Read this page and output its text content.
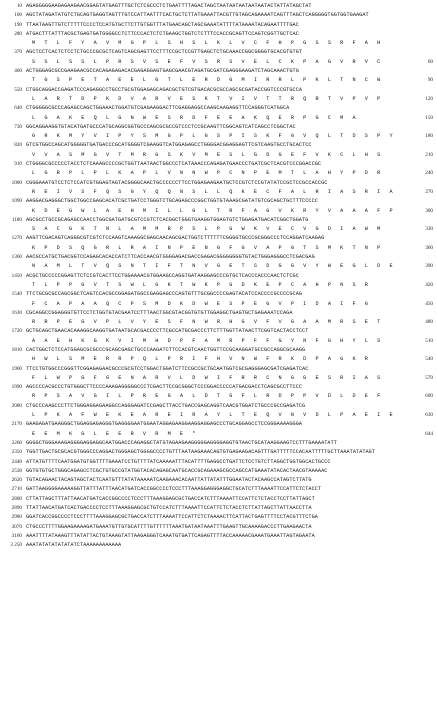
10 AGAGGGGGAAGAGAAGAACGGAGTATGAGTTTGCTCTCGCCCTCTGAATTTTAGACTAGCTAATAATAATAATAATACTATTATAGCTAT
100 AGCTATAGATATGTCTGCAGTGAGGTAGTTTGTCCATTAATTTCACTGCTCTTATGAAATTACGTTGTAGCAGAAAATCAGTTTAGCTCAGGGGGTGGTGGTGAAGAT
190 TTAATAAGTTGTCTTTTTCCCCTCCATGTGCTTCTTGTGGTTTATGAACAGCTAGCGAAATATTTTATAAAATACAGAATTTTGAC
280 ATGACTTTATTTACGCTGAGTGATGGGGCCTCTTCCCACTCTCTGAAGCTGGTCTCTTTCCACCGCAGTTCCAGTCGGTTGCTCAC
M T L F Y A V M G P L S H S L K L V C F H P G S S R F A H
370 AGCTCCTCACTCTCCTCTGCCCGCGCTCAGTCAGCGAGTTCCTTTCCGCTCCGTTGAGCTCTGCAAACCGGCGGGGTGCACGTGTGT
S S L S S L P R S V S E F V S R S V E L C K P A G V R V C	60
460 ACTGGGAGCGCCGAAGAACGCCACAGAGAGACACGAGAGGAGTGAGCGAACGTAGATGCGATCGAGGGAAGATCTAGCAAACTGTG
T G S P E T A E E L G T L E R D G M I R R L P K L T N C W	90
550 CTGGCAGGACCGAGATCCCAGAGGCCTGCCTGCGTGGAGAGCAGACGCTGTCGTGACACGCGCCAGCGCGATACCGGTCCCGTGCCA
L A R T D P K D V A R V E S K T V I V T T R Q R T V P V P	120
640 CTGGGGGCGCCCAGAGCCAGCTGGAAACTGGATGTCGAGAAGGACTTCGAGGAGGCCAAGCAAGAGGTTCCAGGGTCATGGCA
L G A K E Q L G N W E S R D F E E A K Q E R P G C M A	150
730 GGCAGGAAGGTGTACATGATGCCCATGCAGGCGGTGCCCAGCGCGCCGTCCCTCCGCAAGTTCGGCAGTCATCAGCCTCGGCTAC
G R K M Y V I P Y S M G P L G S P I S K F G V Q L T D S P Y	180
820 GTCGTGGCCAGCATGGGGGTGATGACCCGCATGGGGTCGAAGGTCATGGAGAGCCTGGGGACGGAGGAGTTCGTCAAGTGCCTGCACTCC
V V A S M G V T M R G S K V M E S L G D G E F V K C L H S	210
910 CTGGGGCGCCCCCTACCTCTCAAAGCCCCGCTGGTTAATAACTGGCCCTCATAAACCCAGAGATGAACCCTGATCGCTCACGTCCCGGACCGC
L G R P L P L K A P L V N N W P C N P E M T L A H Y P D R	240
1000 CGGGAAATGTCCTCTCCATCGTGGAGTAGTACGGGGCAACTGCCCCCCTTCCTGGAGAAGAATGCTCCGTCTCCGTATATCCGCTCCGCCACCGC
R E I V S F Q S G Y Q Q N S L L Q K E C F A L R I A S R I A	270
1090 AAGGACGAGGGCTGGCTGGCCGAGCACATCGCTGATCCTGGGTCTGCAGAGCCCGGCTGGTGTAAAGCGATATGTCGCAGCTGCTTTCCCCC
K D E G W L A E H M I L L G L T R F A G V K R Y V A A A F P	300
1180 AGCGCCTGCCGCAGAGCCAACCTGGCGATGATGCGTCCGTCTCACGGCTGGGTGAAGGTGGAGTGTCTGGAGATGACATCGGCTGGATG
S A C G K T N L A M M R P S L P G W K V E C V G D I A W M	330
1270 AAGTTCGACAGTCAGGGCGTCGTCTCCAAGTCAAAGGCGAGCAACAGCGACTGGTCTTTTTTCGGGGTGCCCGCGGGCCCTCCAGGATCAAGAG
K P D S Q G R L R A I N P E N G F G V A P G T S M K T N P	360
1360 AACGCCATGCTGACGGTCCAGAGCACACCATCTTCACCAACGTGGGGAGACGACCGAGACGGGGGGGGTGTACTGGGAGGGCCTCGACGAG
N A M L T V Q S N T I F T N V G E T S D G G V Y W E G L D E	390
1450 ACGCTGCCCCCGGAGTTCTCCGTCACTTCCTGGAAAACGTGGAAGCCAGGTGATAAGGAGCCCGTGCTCACCCACCCAACTCTCGC
T L P P G V T S W L G K T W K P G D K E P C A H P N S R	420
1540 TTCTGCGCGCCAGCGGCTCAGTCCACGCCGGAGATGGCCGAGGAGCCCAGTGTTTGCGGCCCCGAGTACATCCACCCCGCCCCGCAG
F C A P A A Q C P S M D K D W E S P E G V P I D A I F G	450
1630 CGCAGGCCGGAGGGTGTTCCTCTGGTGTACGAATCCTTTAACTGGCGTACGGTGTGTTGGAGGCTGAGTGCTGAGAAATCCAGA
R R P E G V P L V Y E S F N W R H G V F V G A A M R S E T	480
1720 GCTGCAGCTGAACACAAAGGCAAGGTGATAATGCACGACCCCTTCGCCATGCGACCCTTCTTTGGTTATAACTTCGGTCACTACCTCCT
A A E H K G K V I M H D P F A M R P F F G Y N F G H Y L S	510
1810 CACTGGCTCTCCATGGAGCGCGCCCGCAGCGAGCTGCCCAAGATCTTCCACGTCAACTGGTTCCGCAAGGATGCCGCCAGGCGCAAGG
H W L S M E R R P Q L P R I F H V N W F R K D P A G K R	540
1900 TTCCTGTGGCCCGGGTTCGGAGAGAACGCCCGCGTCCTGGACTGGATCTTCCGCCGCTGCAATGGTCGCGAGGGAGCGATCGAGATCAC
F L W P G F G E N A R V L D W I F R R C N G G E S R I A S	570
1990 AGCCCCACGCCCTGTGGGCTTCCCCAAAGAGGGGGCCCTCGACTTCCGCGGGCTCCCGGACCCCCATGACGACCTCAGCGCCTTCCC
R P S A V G I L P R E G A L D T G F L R D P P V D L D E F	600
2080 CTGCCCAAGCCCTTCTGGGAGGAGAAGGCCAGGGAGATCCGAGCTTACCTGACCGAGCAGGTCAACGTGGATCTGCCCGCCGAGATCG
L P K A F W E K E A R E I R A Y L T E Q V N V D L P A E I E	630
2170 GAAGAGATGAAGGGCTGGAGGAGAGGGTGAGGGGAATGGAATAGGAGAAGGAAGGAGGAGCCCTGCAGGAGCCTCCGGGAAAAGGGA
E E M K G L E E R V R M E *	644
2260 GGGGCTGGGAAAGAGGGGAGGAGGCAATGGACCCAGAGGCTATGTAGAAGAAGGGGGAGGGGAGGTGTAACTGCATAAGGAAGTCCTTTGAAAATATT
2350 TGGTTGACTGCGCACGTGGGCCCAGGACTGGGAGCTGGGGCCCCTGTTTAATAAGAAACAGTGTGAGAAGACAGTTTGATTTTTCCACAATTTTTGCTTAAATATATAGT
2440 ATTATGTTTTCAATGGATGTGGTTTTGAAATCCTGTTTTATCAAAAATTTACATTTTGAGGCCTGATTCTCCTGTCTTAGGCTGGTGGCACTGCCC
2530 GGTGTGTGCTGGGCAGAGCCTCGCTGTGCCGTATGGTACACAGAGCAATGCACCGCAGAAAGCGCCAGCCATGAAATATACACTAACGTAAAAAC
2620 TGTACAGAACTACAGTAGCTACTCAATGTTTATATAAAAATCAAGAAACACAATTATTATATTTGGAATACTACAAGCCATAGTCTTATG
2710 GATTAAGGGGAAAAAGGTTATTTATTTAACATGATCACCGGCCCCTCCCTTTAAAGGAGGGAGGCTGCATCTTTAAAATTCCATTCTCTACCT
2800 CTTATTAGCTTTATTAACATGATCACCGGCCCCTCCCTTTAAAGGAGCGCTGACCATCTTTAAAATTCCATTCTCTACCTCCTTATTAGCT
2890 TTATTAACATGATCACTGACCCCTCCTTTAAAGGAGCGCTGTCCATCTTTAAAATTCCATTCTCTACCTCTTATTAGCTTATTAACCTTA
2980 GGATCACCGGCCCCTCCCTTTTAAAGGAGCGCTGACCATCTTTAAAATTCCATTCTCTAAAACTTCATTACTGAGTTTTCCTACGTTTCTGA
3070 CTGCCCTTTTGGAAGAAAAGATGAAATGTTGTGCATTTTGTTTTTTAAATGATAATAAATTTGAAGTTGCAAAAGACCCTTGAAGAACTA
3160 AAATTTTATAAAGTTTATATTACTGTAAAGTATTAAGAGGGTCAAATGTGATTCAGAGTTTTACCAAAAACGAAATGAAATTAGTAGAATA
3 250 AAATATATATATATATCTAAAAAAAAAAAA
